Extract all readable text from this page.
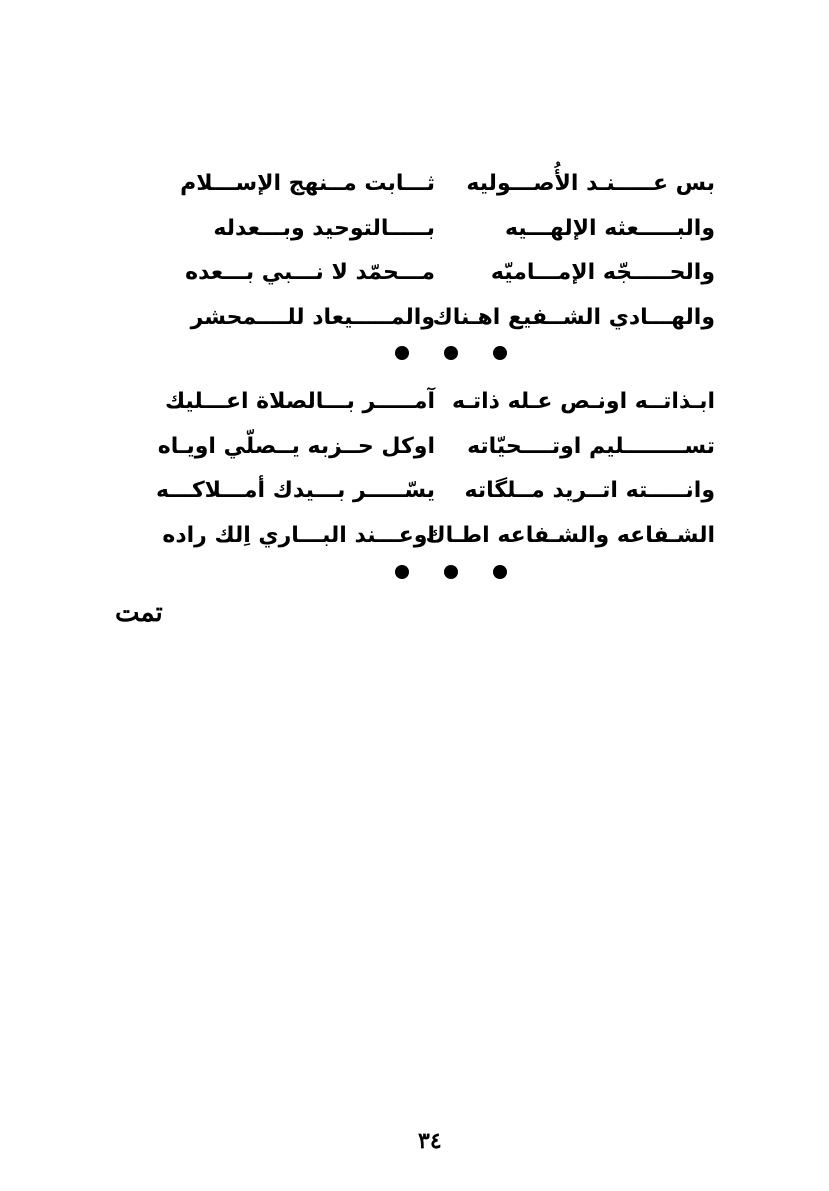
ثـــابت مــنهج الإســـلام بس عـــــنـد الأُصـــوليه
بـــــالتوحيد وبـــعدله	والبـــــعثه الإلهـــيه
مـــحمّد لا نـــبي بـــعده	والحـــــجّه الإمـــاميّه
والمـــــيعاد للــــمحشر
والهـــادي الشــفيع اهـناك
آمـــــر بـــالصلاة اعـــليك ابـذاتــه اونـص عـله ذاتـه
اوكل حــزبه يــصلّي اويـاه تســــــــليم اوتــــحيّاته
يسّـــــر بـــيدك أمـــلاكـــه وانـــــته اتــريد مــلگاته
اوعـــند البـــاري اِلك راده
الشـفاعه والشـفاعه اطـاك
تمت
٣٤
